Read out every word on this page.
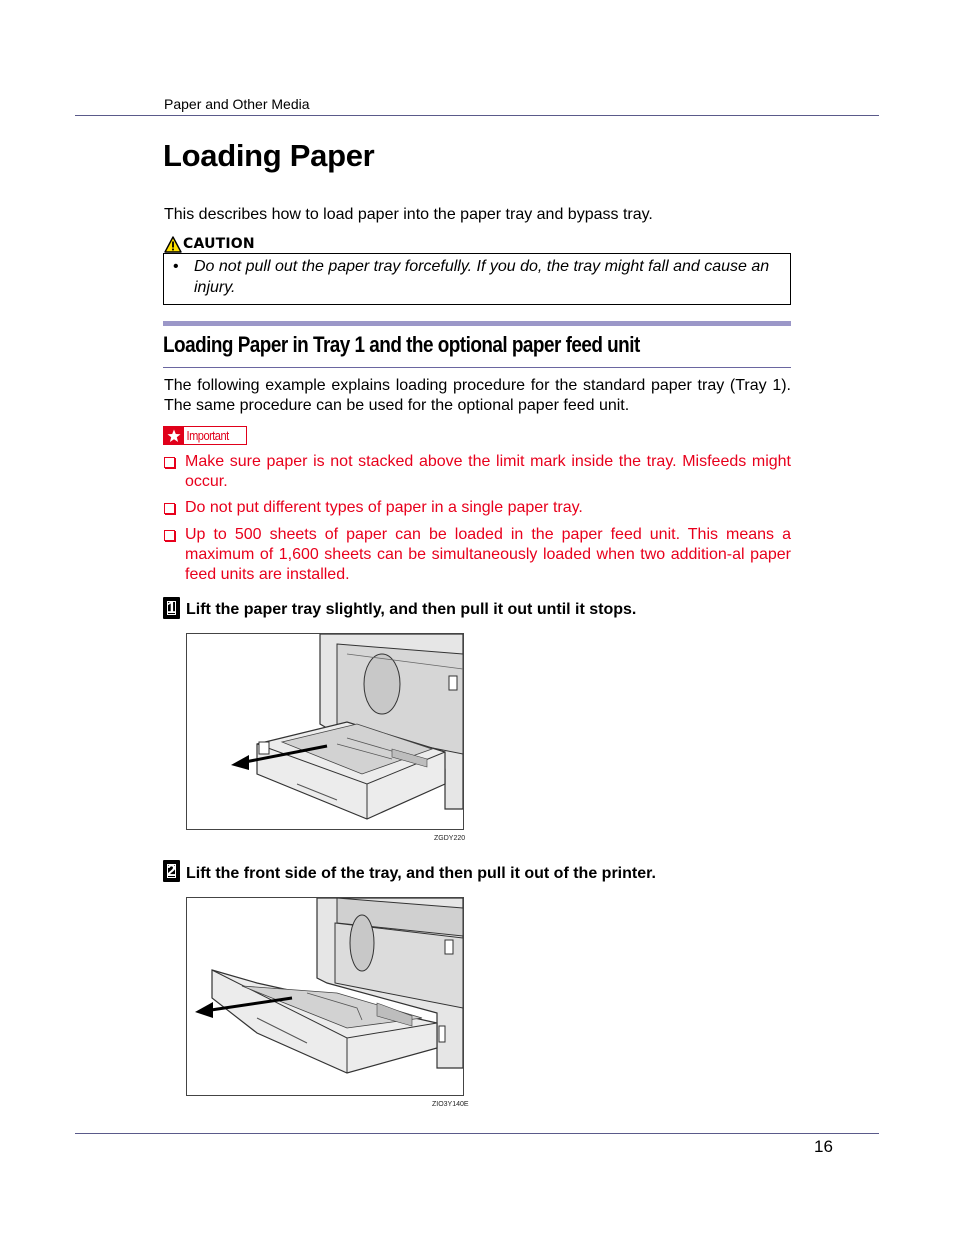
Paper and Other Media
Loading Paper
This describes how to load paper into the paper tray and bypass tray.
CAUTION
• Do not pull out the paper tray forcefully. If you do, the tray might fall and cause an injury.
Loading Paper in Tray 1 and the optional paper feed unit
The following example explains loading procedure for the standard paper tray (Tray 1). The same procedure can be used for the optional paper feed unit.
Important
Make sure paper is not stacked above the limit mark inside the tray. Misfeeds might occur.
Do not put different types of paper in a single paper tray.
Up to 500 sheets of paper can be loaded in the paper feed unit. This means a maximum of 1,600 sheets can be simultaneously loaded when two addition-al paper feed units are installed.
1 Lift the paper tray slightly, and then pull it out until it stops.
ZGDY220
2 Lift the front side of the tray, and then pull it out of the printer.
ZIO3Y140E
16
